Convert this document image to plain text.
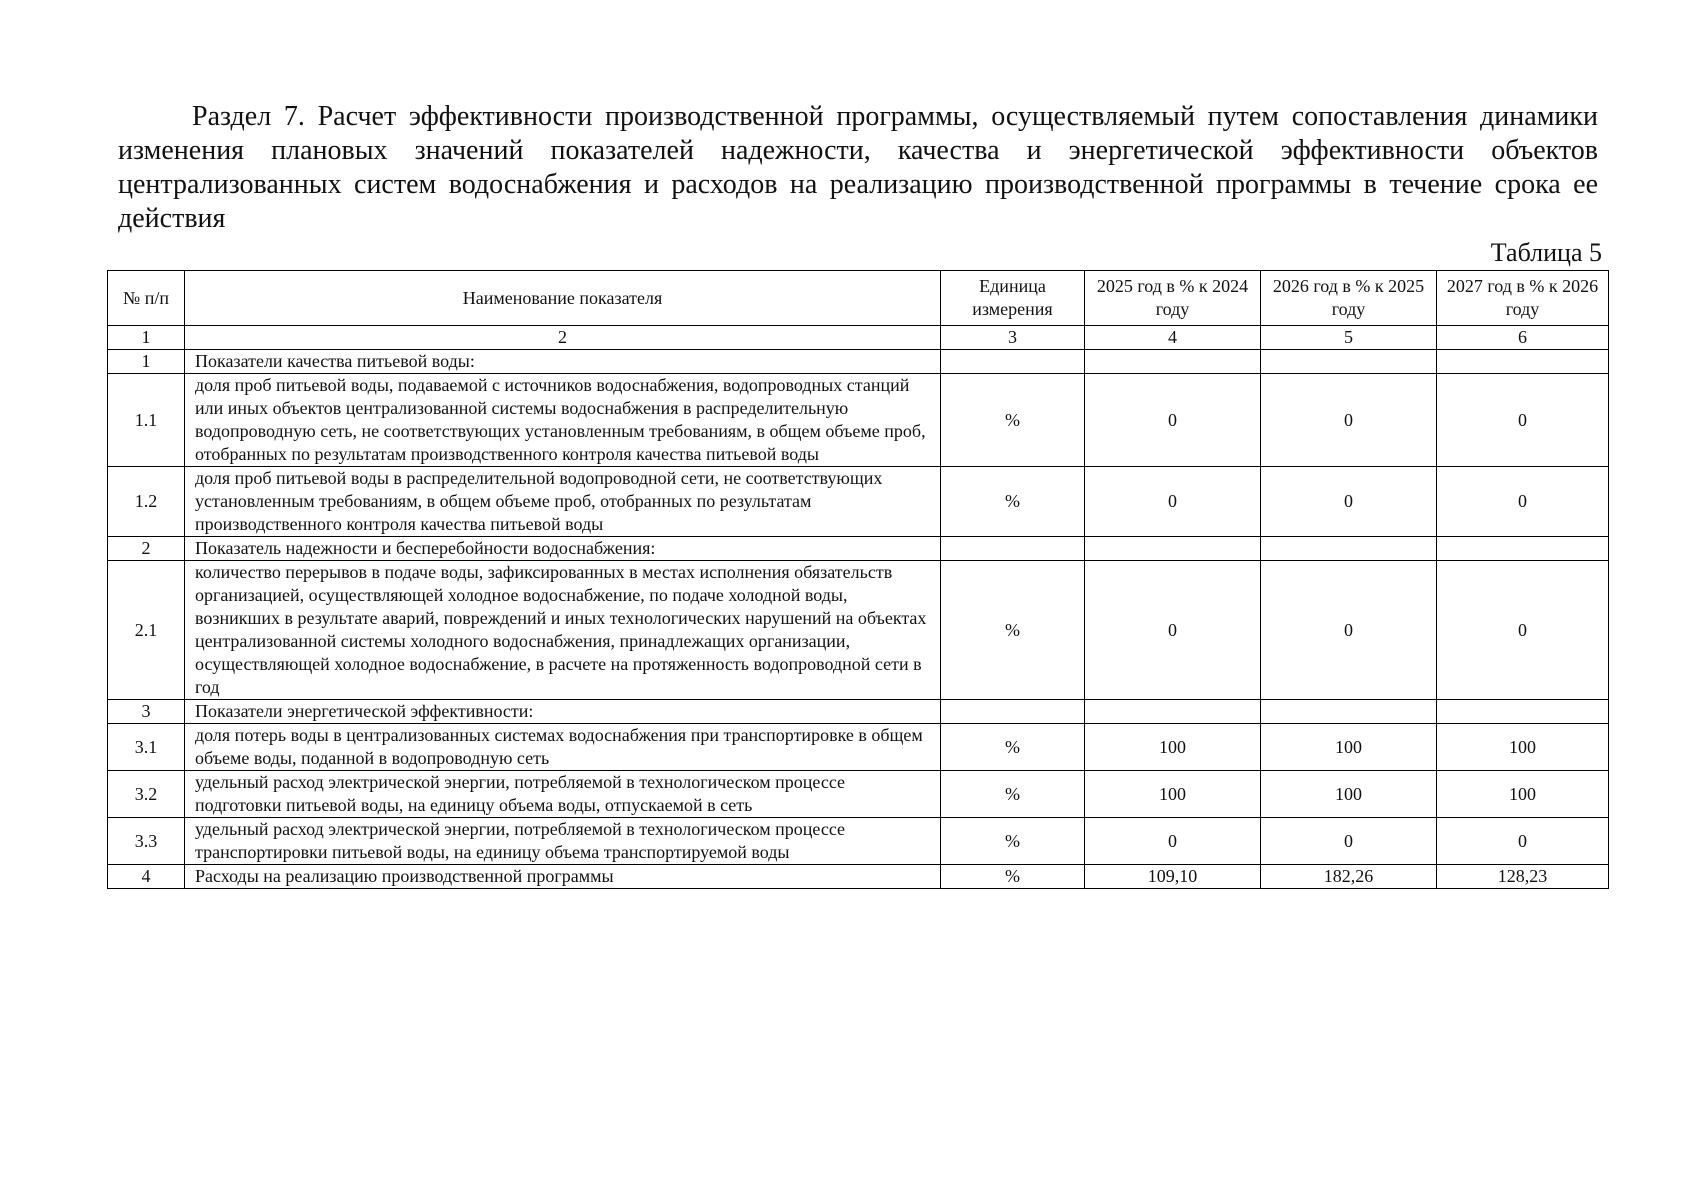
Раздел 7. Расчет эффективности производственной программы, осуществляемый путем сопоставления динамики изменения плановых значений показателей надежности, качества и энергетической эффективности объектов централизованных систем водоснабжения и расходов на реализацию производственной программы в течение срока ее действия

Таблица 5

№ п/п	Наименование показателя	Единица измерения	2025 год в % к 2024 году	2026 год в % к 2025 году	2027 год в % к 2026 году
1	2	3	4	5	6
1	Показатели качества питьевой воды:				
1.1	доля проб питьевой воды, подаваемой с источников водоснабжения, водопроводных станций или иных объектов централизованной системы водоснабжения в распределительную водопроводную сеть, не соответствующих установленным требованиям, в общем объеме проб, отобранных по результатам производственного контроля качества питьевой воды	%	0	0	0
1.2	доля проб питьевой воды в распределительной водопроводной сети, не соответствующих установленным требованиям, в общем объеме проб, отобранных по результатам производственного контроля качества питьевой воды	%	0	0	0
2	Показатель надежности и бесперебойности водоснабжения:				
2.1	количество перерывов в подаче воды, зафиксированных в местах исполнения обязательств организацией, осуществляющей холодное водоснабжение, по подаче холодной воды, возникших в результате аварий, повреждений и иных технологических нарушений на объектах централизованной системы холодного водоснабжения, принадлежащих организации, осуществляющей холодное водоснабжение, в расчете на протяженность водопроводной сети в год	%	0	0	0
3	Показатели энергетической эффективности:				
3.1	доля потерь воды в централизованных системах водоснабжения при транспортировке в общем объеме воды, поданной в водопроводную сеть	%	100	100	100
3.2	удельный расход электрической энергии, потребляемой в технологическом процессе подготовки питьевой воды, на единицу объема воды, отпускаемой в сеть	%	100	100	100
3.3	удельный расход электрической энергии, потребляемой в технологическом процессе транспортировки питьевой воды, на единицу объема транспортируемой воды	%	0	0	0
4	Расходы на реализацию производственной программы	%	109,10	182,26	128,23
